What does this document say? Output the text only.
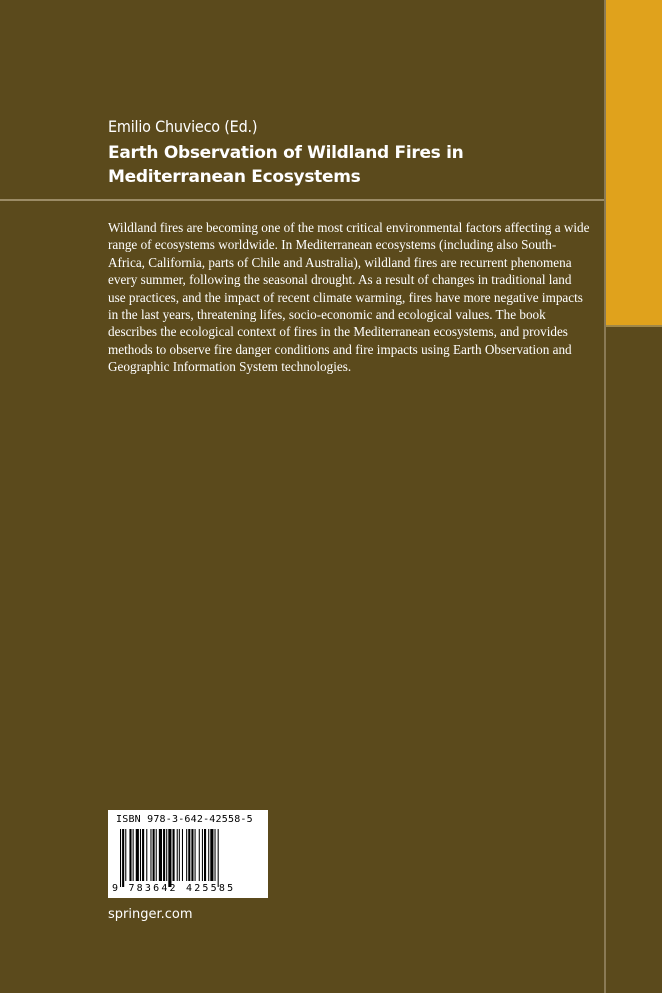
Emilio Chuvieco (Ed.)
Earth Observation of Wildland Fires in Mediterranean Ecosystems

Wildland fires are becoming one of the most critical environmental factors affecting a wide range of ecosystems worldwide. In Mediterranean ecosystems (including also South-Africa, California, parts of Chile and Australia), wildland fires are recurrent phenomena every summer, following the seasonal drought. As a result of changes in traditional land use practices, and the impact of recent climate warming, fires have more negative impacts in the last years, threatening lifes, socio-economic and ecological values. The book describes the ecological context of fires in the Mediterranean ecosystems, and provides methods to observe fire danger conditions and fire impacts using Earth Observation and Geographic Information System technologies.

ISBN 978-3-642-42558-5
9 783642 425585
springer.com
